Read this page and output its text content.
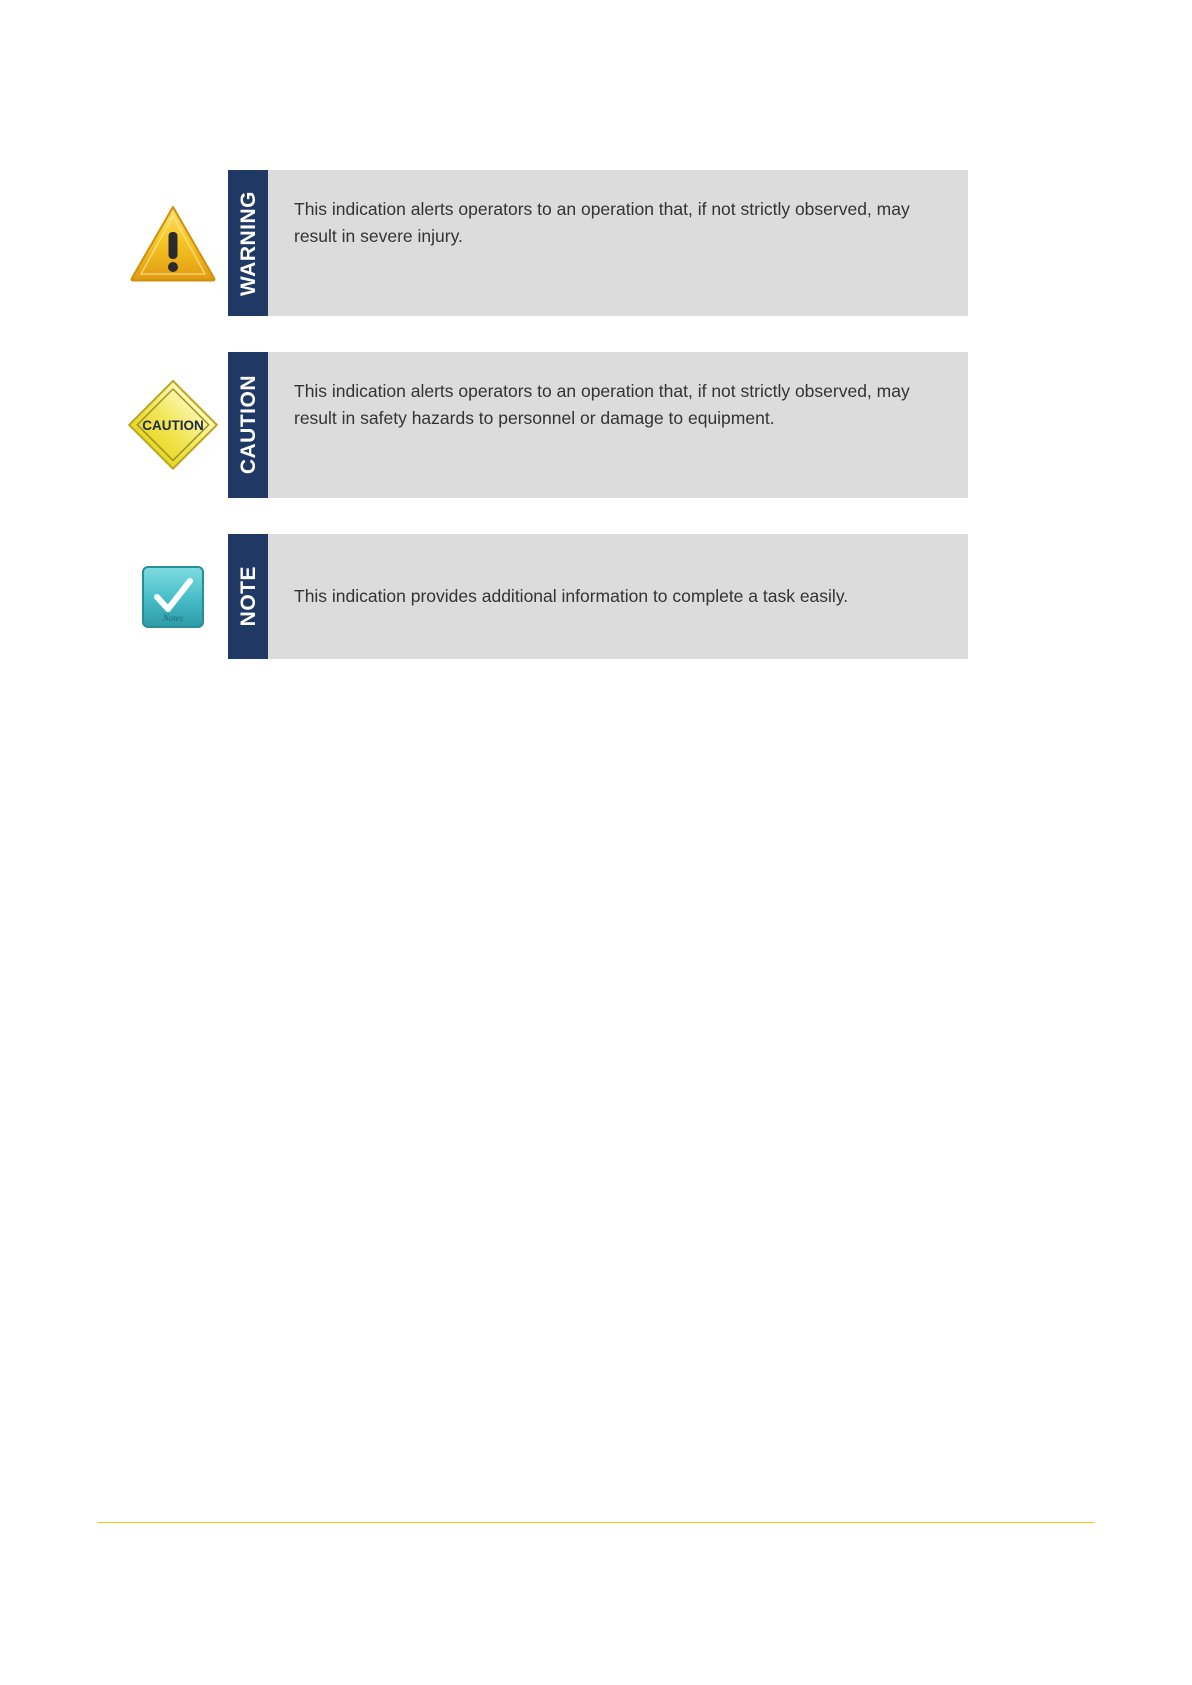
WARNING	This indication alerts operators to an operation that, if not strictly observed, may result in severe injury.
CAUTION CAUTION	This indication alerts operators to an operation that, if not strictly observed, may result in safety hazards to personnel or damage to equipment.
Notes	NOTE	This indication provides additional information to complete a task easily.
